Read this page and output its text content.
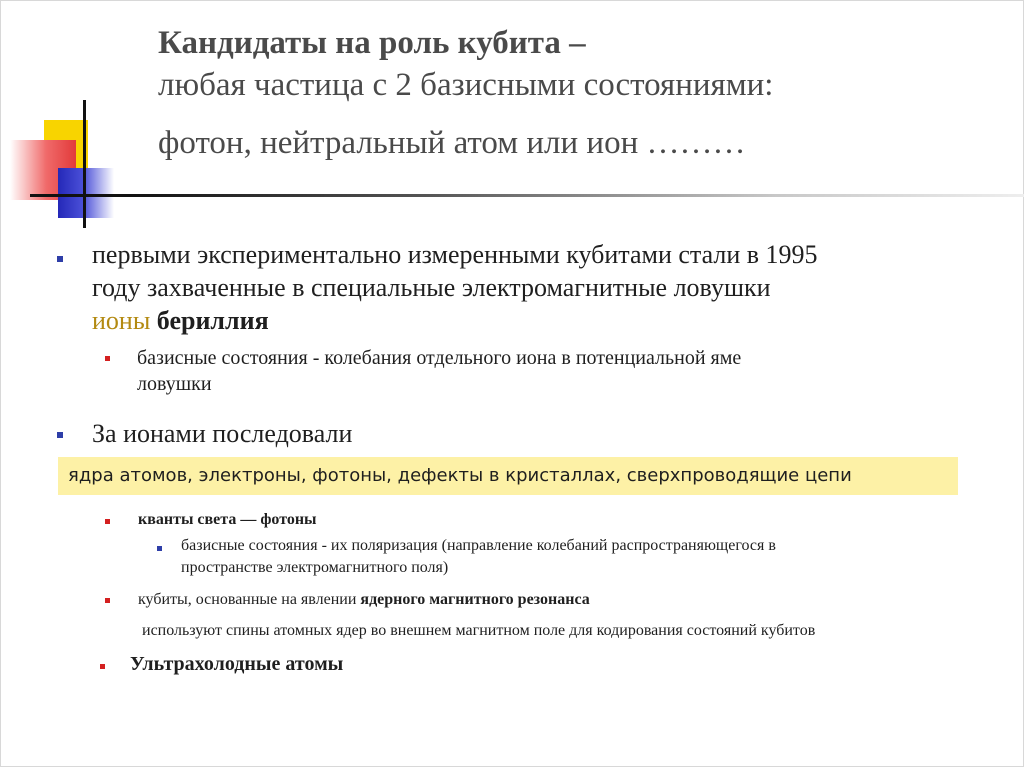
Кандидаты на роль кубита –
любая частица с 2 базисными состояниями:
фотон, нейтральный атом или ион ………
первыми экспериментально измеренными кубитами стали в 1995
году захваченные в специальные электромагнитные ловушки
ионы бериллия
базисные состояния - колебания отдельного иона в потенциальной яме
ловушки
За ионами последовали
ядра атомов, электроны, фотоны, дефекты в кристаллах, сверхпроводящие цепи
кванты света — фотоны
базисные состояния - их поляризация (направление колебаний распространяющегося в
пространстве электромагнитного поля)
кубиты, основанные на явлении ядерного магнитного резонанса
используют спины атомных ядер во внешнем магнитном поле для кодирования состояний кубитов
Ультрахолодные атомы
